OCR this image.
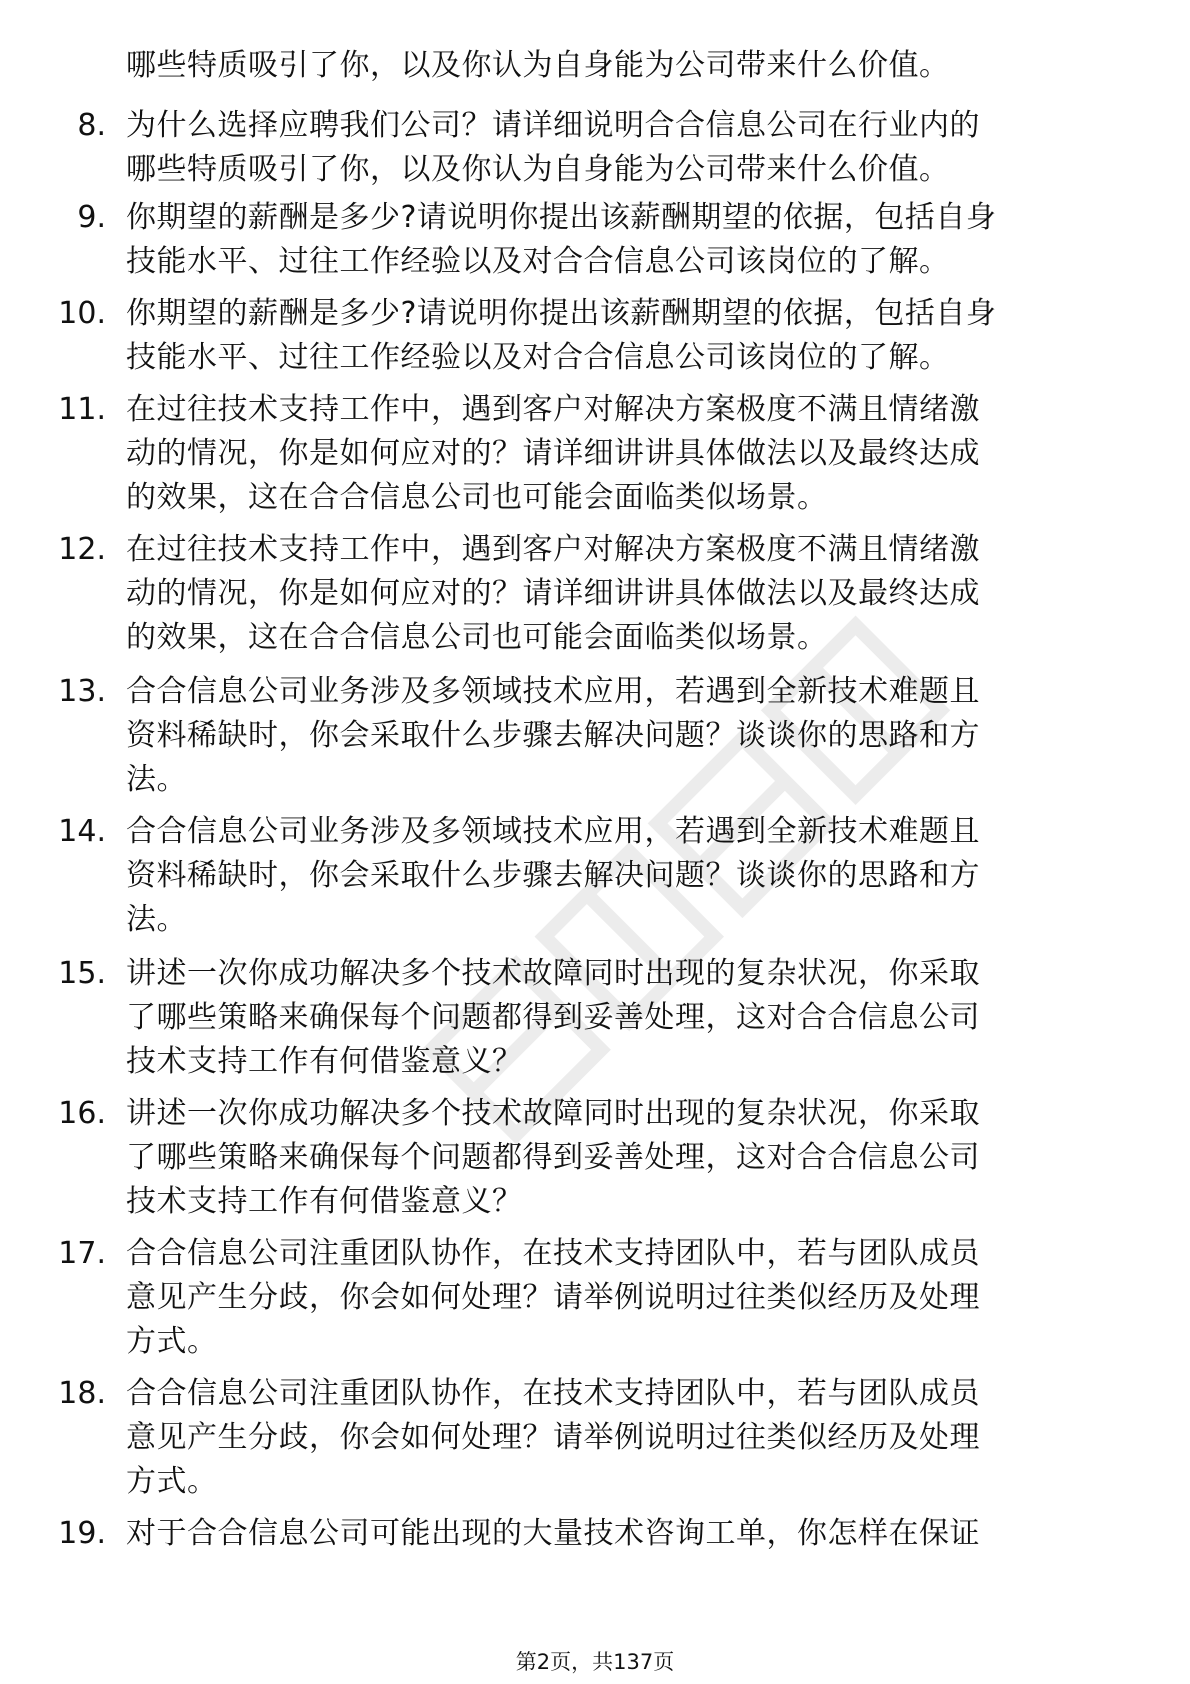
哪些特质吸引了你，以及你认为自身能为公司带来什么价值。
8. 为什么选择应聘我们公司？请详细说明合合信息公司在行业内的
哪些特质吸引了你，以及你认为自身能为公司带来什么价值。
9. 你期望的薪酬是多少?请说明你提出该薪酬期望的依据，包括自身
技能水平、过往工作经验以及对合合信息公司该岗位的了解。
10. 你期望的薪酬是多少?请说明你提出该薪酬期望的依据，包括自身
技能水平、过往工作经验以及对合合信息公司该岗位的了解。
11. 在过往技术支持工作中，遇到客户对解决方案极度不满且情绪激
动的情况，你是如何应对的？请详细讲讲具体做法以及最终达成
的效果，这在合合信息公司也可能会面临类似场景。
12. 在过往技术支持工作中，遇到客户对解决方案极度不满且情绪激
动的情况，你是如何应对的？请详细讲讲具体做法以及最终达成
的效果，这在合合信息公司也可能会面临类似场景。
13. 合合信息公司业务涉及多领域技术应用，若遇到全新技术难题且
资料稀缺时，你会采取什么步骤去解决问题？谈谈你的思路和方
法。
14. 合合信息公司业务涉及多领域技术应用，若遇到全新技术难题且
资料稀缺时，你会采取什么步骤去解决问题？谈谈你的思路和方
法。
15. 讲述一次你成功解决多个技术故障同时出现的复杂状况，你采取
了哪些策略来确保每个问题都得到妥善处理，这对合合信息公司
技术支持工作有何借鉴意义？
16. 讲述一次你成功解决多个技术故障同时出现的复杂状况，你采取
了哪些策略来确保每个问题都得到妥善处理，这对合合信息公司
技术支持工作有何借鉴意义？
17. 合合信息公司注重团队协作，在技术支持团队中，若与团队成员
意见产生分歧，你会如何处理？请举例说明过往类似经历及处理
方式。
18. 合合信息公司注重团队协作，在技术支持团队中，若与团队成员
意见产生分歧，你会如何处理？请举例说明过往类似经历及处理
方式。
19. 对于合合信息公司可能出现的大量技术咨询工单，你怎样在保证
第2页，共137页
